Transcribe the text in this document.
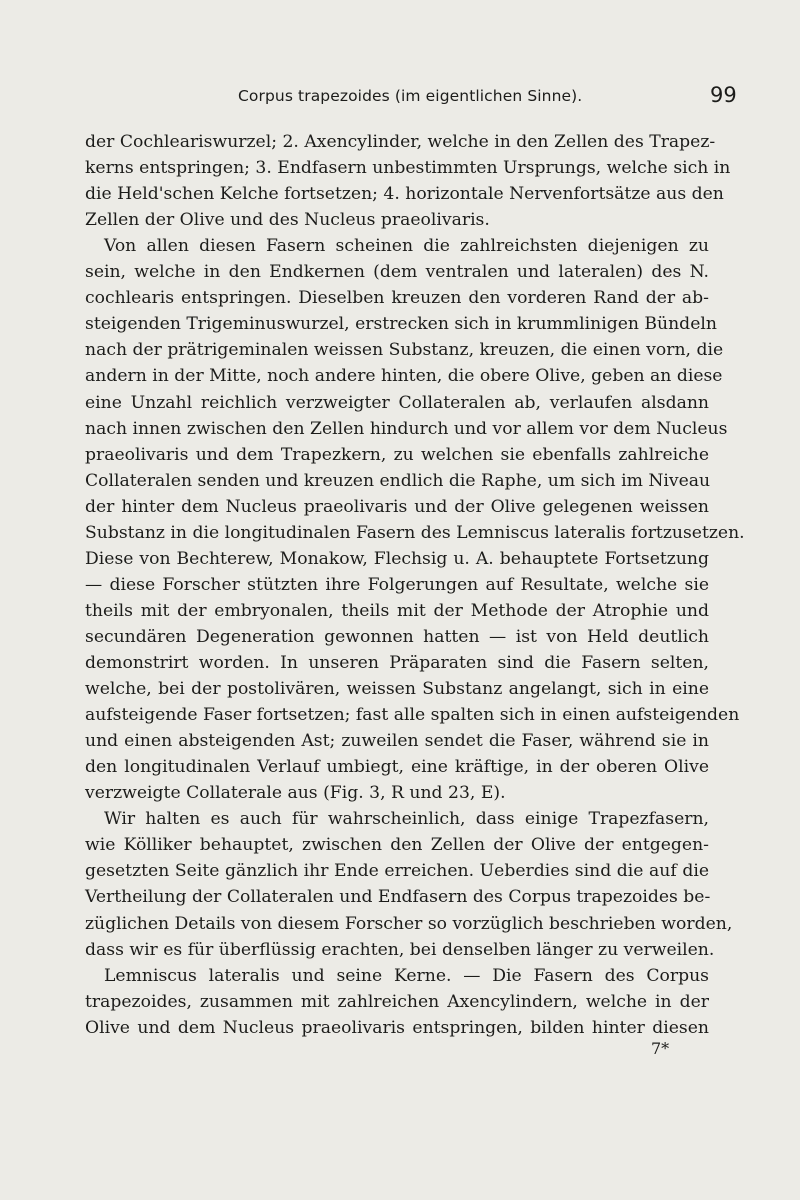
Corpus trapezoides (im eigentlichen Sinne).	99
der Cochleariswurzel; 2. Axencylinder, welche in den Zellen des Trapez-
kerns entspringen; 3. Endfasern unbestimmten Ursprungs, welche sich in
die Held'schen Kelche fortsetzen; 4. horizontale Nervenfortsätze aus den
Zellen der Olive und des Nucleus praeolivaris.
Von allen diesen Fasern scheinen die zahlreichsten diejenigen zu
sein, welche in den Endkernen (dem ventralen und lateralen) des N.
cochlearis entspringen. Dieselben kreuzen den vorderen Rand der ab-
steigenden Trigeminuswurzel, erstrecken sich in krummlinigen Bündeln
nach der prätrigeminalen weissen Substanz, kreuzen, die einen vorn, die
andern in der Mitte, noch andere hinten, die obere Olive, geben an diese
eine Unzahl reichlich verzweigter Collateralen ab, verlaufen alsdann
nach innen zwischen den Zellen hindurch und vor allem vor dem Nucleus
praeolivaris und dem Trapezkern, zu welchen sie ebenfalls zahlreiche
Collateralen senden und kreuzen endlich die Raphe, um sich im Niveau
der hinter dem Nucleus praeolivaris und der Olive gelegenen weissen
Substanz in die longitudinalen Fasern des Lemniscus lateralis fortzusetzen.
Diese von Bechterew, Monakow, Flechsig u. A. behauptete Fortsetzung
— diese Forscher stützten ihre Folgerungen auf Resultate, welche sie
theils mit der embryonalen, theils mit der Methode der Atrophie und
secundären Degeneration gewonnen hatten — ist von Held deutlich
demonstrirt worden. In unseren Präparaten sind die Fasern selten,
welche, bei der postolivären, weissen Substanz angelangt, sich in eine
aufsteigende Faser fortsetzen; fast alle spalten sich in einen aufsteigenden
und einen absteigenden Ast; zuweilen sendet die Faser, während sie in
den longitudinalen Verlauf umbiegt, eine kräftige, in der oberen Olive
verzweigte Collaterale aus (Fig. 3, R und 23, E).
Wir halten es auch für wahrscheinlich, dass einige Trapezfasern,
wie Kölliker behauptet, zwischen den Zellen der Olive der entgegen-
gesetzten Seite gänzlich ihr Ende erreichen. Ueberdies sind die auf die
Vertheilung der Collateralen und Endfasern des Corpus trapezoides be-
züglichen Details von diesem Forscher so vorzüglich beschrieben worden,
dass wir es für überflüssig erachten, bei denselben länger zu verweilen.
Lemniscus lateralis und seine Kerne. — Die Fasern des Corpus
trapezoides, zusammen mit zahlreichen Axencylindern, welche in der
Olive und dem Nucleus praeolivaris entspringen, bilden hinter diesen
7*
